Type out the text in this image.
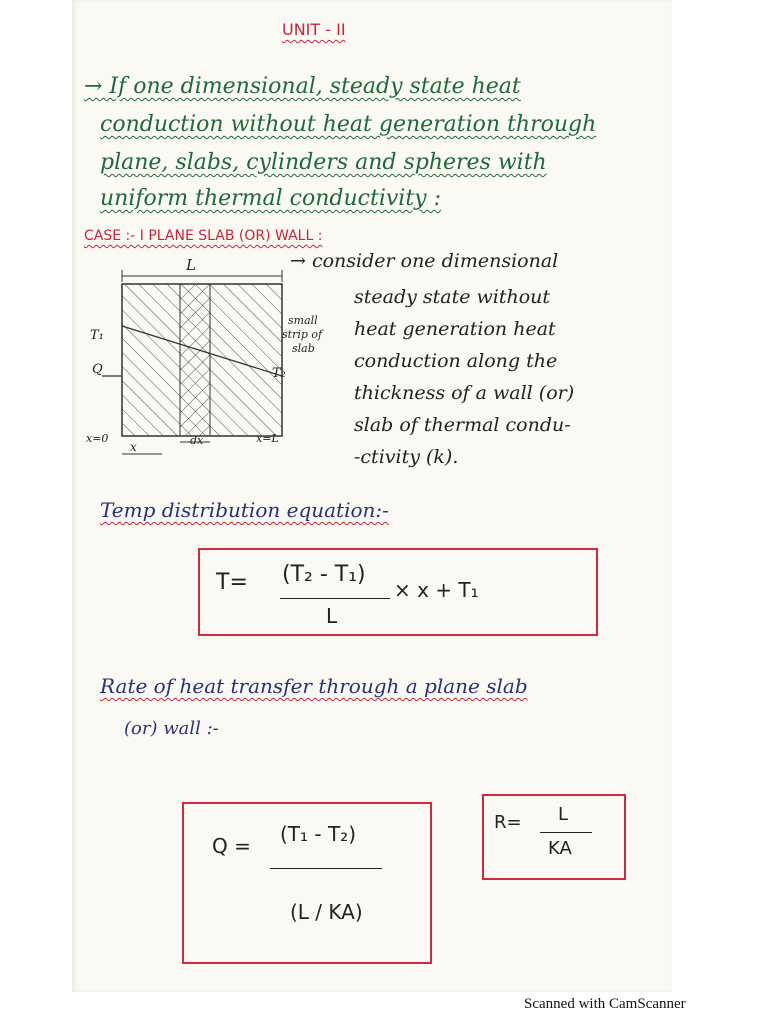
UNIT - II
→ If one dimensional, steady state heat
conduction without heat generation through
plane, slabs, cylinders and spheres with
uniform thermal conductivity :
CASE :- I PLANE SLAB (OR) WALL :
L
T₁
Q	T₂
x=0	x=L
x	dx
small
strip of
slab
→ consider one dimensional
steady state without
heat generation heat
conduction along the
thickness of a wall (or)
slab of thermal condu-
-ctivity (k).
Temp distribution equation:-
T= (T₂ - T₁)
L
× x + T₁
Rate of heat transfer through a plane slab
(or) wall :-
Q = (T₁ - T₂)
(L / KA)
R= L
KA
Scanned with CamScanner
